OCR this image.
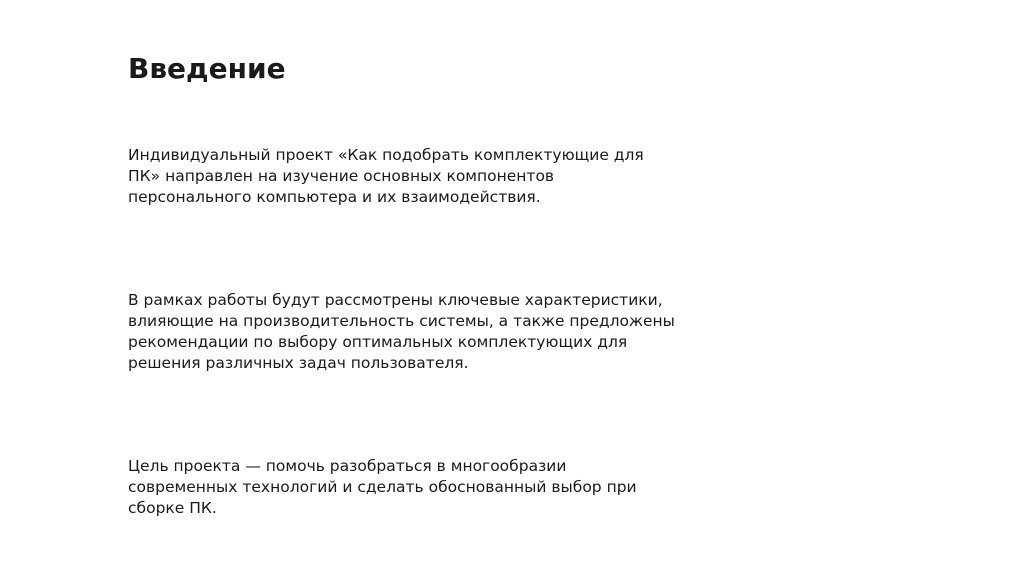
Введение

Индивидуальный проект «Как подобрать комплектующие для
ПК» направлен на изучение основных компонентов
персонального компьютера и их взаимодействия.

В рамках работы будут рассмотрены ключевые характеристики,
влияющие на производительность системы, а также предложены
рекомендации по выбору оптимальных комплектующих для
решения различных задач пользователя.

Цель проекта — помочь разобраться в многообразии
современных технологий и сделать обоснованный выбор при
сборке ПК.
